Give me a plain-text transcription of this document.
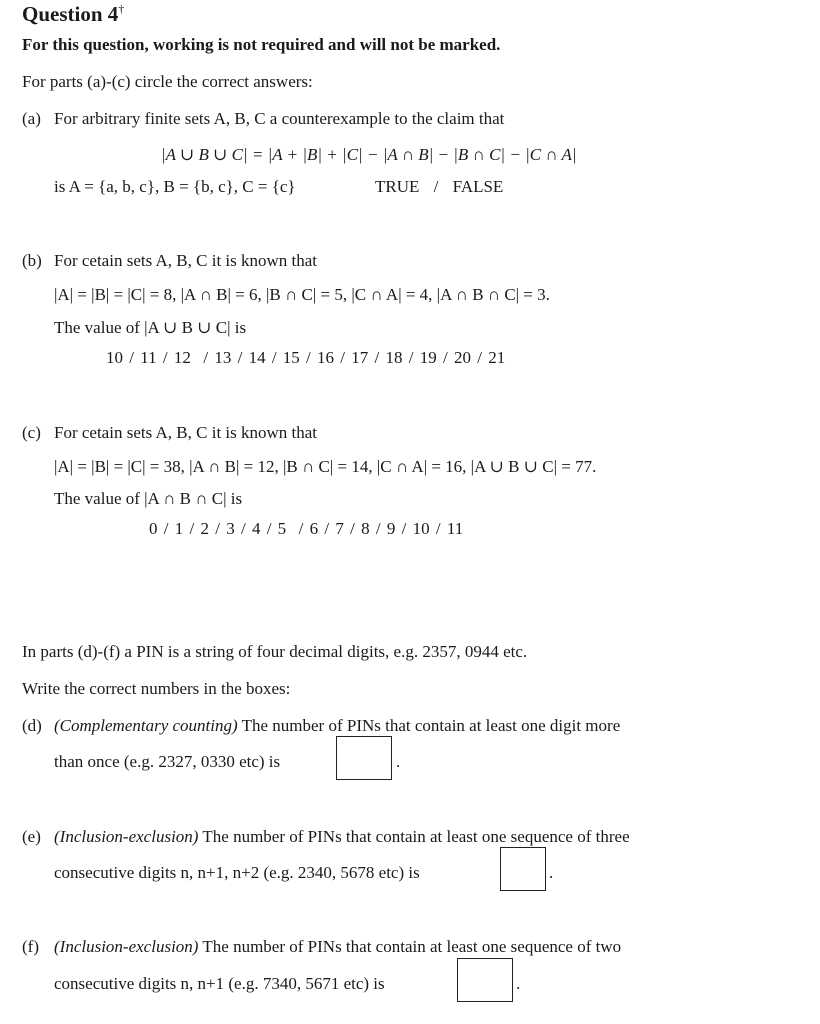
Question 4†
For this question, working is not required and will not be marked.
For parts (a)-(c) circle the correct answers:
(a) For arbitrary finite sets A, B, C a counterexample to the claim that
|A ∪ B ∪ C| = |A + |B| + |C| − |A ∩ B| − |B ∩ C| − |C ∩ A|
is A = {a, b, c}, B = {b, c}, C = {c}	TRUE / FALSE
(b) For cetain sets A, B, C it is known that
|A| = |B| = |C| = 8, |A ∩ B| = 6, |B ∩ C| = 5, |C ∩ A| = 4, |A ∩ B ∩ C| = 3.
The value of |A ∪ B ∪ C| is
10 / 11 / 12  / 13 / 14 / 15 / 16 / 17 / 18 / 19 / 20 / 21
(c) For cetain sets A, B, C it is known that
|A| = |B| = |C| = 38, |A ∩ B| = 12, |B ∩ C| = 14, |C ∩ A| = 16, |A ∪ B ∪ C| = 77.
The value of |A ∩ B ∩ C| is
0 / 1 / 2 / 3 / 4 / 5  / 6 / 7 / 8 / 9 / 10 / 11
In parts (d)-(f) a PIN is a string of four decimal digits, e.g. 2357, 0944 etc.
Write the correct numbers in the boxes:
(d) (Complementary counting) The number of PINs that contain at least one digit more
than once (e.g. 2327, 0330 etc) is	.
(e) (Inclusion-exclusion) The number of PINs that contain at least one sequence of three
consecutive digits n, n+1, n+2 (e.g. 2340, 5678 etc) is	.
(f) (Inclusion-exclusion) The number of PINs that contain at least one sequence of two
consecutive digits n, n+1 (e.g. 7340, 5671 etc) is	.
